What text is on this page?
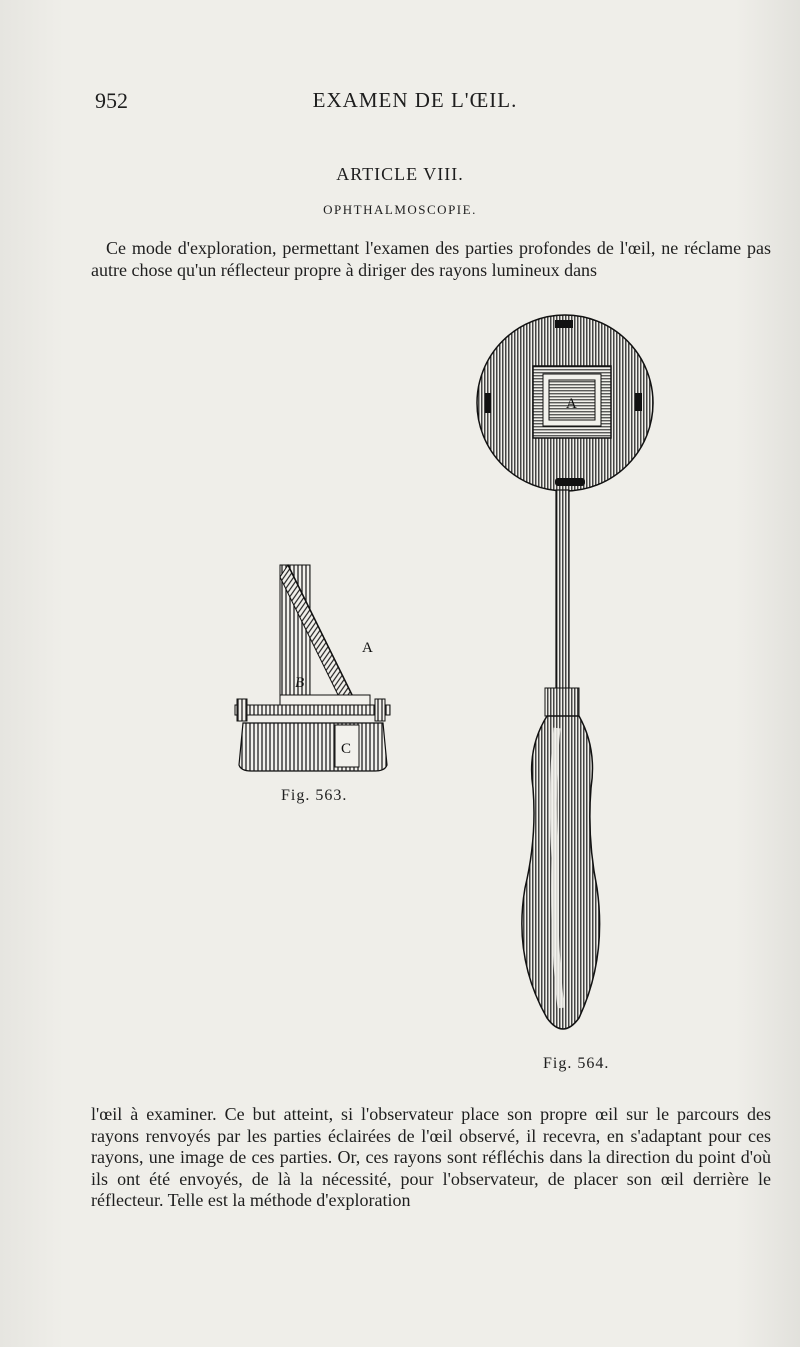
952	EXAMEN DE L'ŒIL.
ARTICLE VIII.
OPHTHALMOSCOPIE.

Ce mode d'exploration, permettant l'examen des parties profondes de l'œil, ne réclame pas autre chose qu'un réflecteur propre à diriger des rayons lumineux dans

A
B
C
Fig. 563.
A
Fig. 564.

l'œil à examiner. Ce but atteint, si l'observateur place son propre œil sur le parcours des rayons renvoyés par les parties éclairées de l'œil observé, il recevra, en s'adaptant pour ces rayons, une image de ces parties. Or, ces rayons sont réfléchis dans la direction du point d'où ils ont été envoyés, de là la nécessité, pour l'observateur, de placer son œil derrière le réflecteur. Telle est la méthode d'exploration
